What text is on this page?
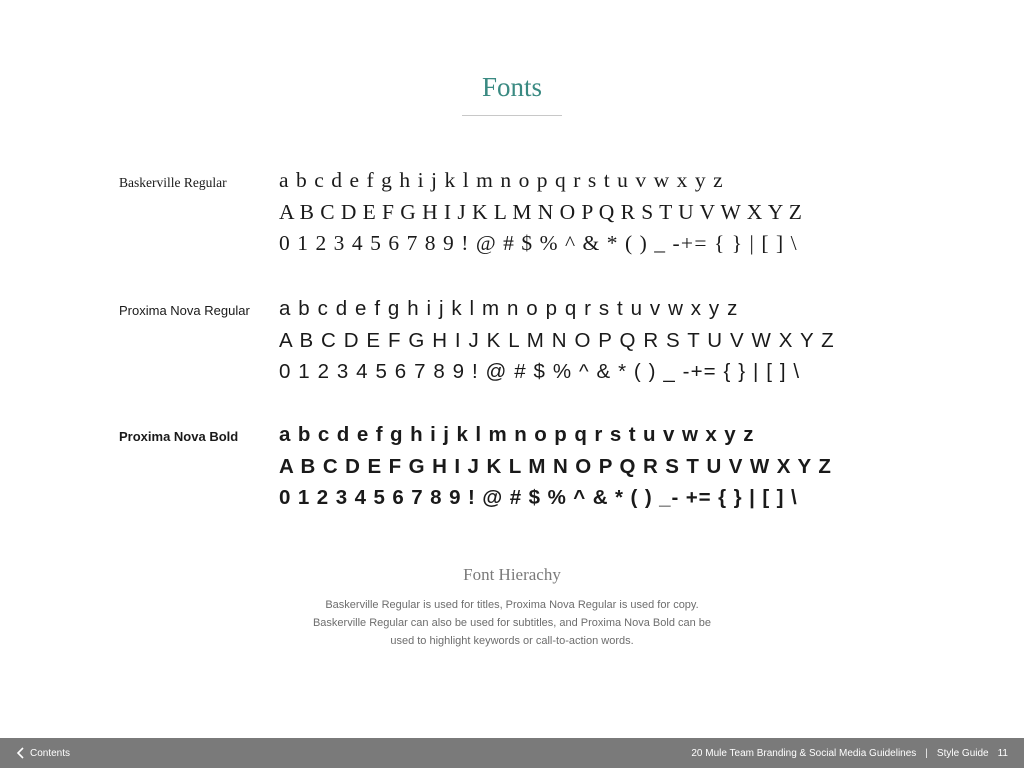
Fonts
Baskerville Regular	a b c d e f g h i j k l m n o p q r s t u v w x y z
A B C D E F G H I J K L M N O P Q R S T U V W X Y Z
0 1 2 3 4 5 6 7 8 9 ! @ # $ % ^ & * ( ) _ -+= { } | [ ] \
Proxima Nova Regular	a b c d e f g h i j k l m n o p q r s t u v w x y z
A B C D E F G H I J K L M N O P Q R S T U V W X Y Z
0 1 2 3 4 5 6 7 8 9 ! @ # $ % ^ & * ( ) _ -+= { } | [ ] \
Proxima Nova Bold	a b c d e f g h i j k l m n o p q r s t u v w x y z
A B C D E F G H I J K L M N O P Q R S T U V W X Y Z
0 1 2 3 4 5 6 7 8 9 ! @ # $ % ^ & * ( ) _- += { } | [ ] \
Font Hierachy

Baskerville Regular is used for titles, Proxima Nova Regular is used for copy. Baskerville Regular can also be used for subtitles, and Proxima Nova Bold can be used to highlight keywords or call-to-action words.

Contents	20 Mule Team Branding & Social Media Guidelines | Style Guide 11
